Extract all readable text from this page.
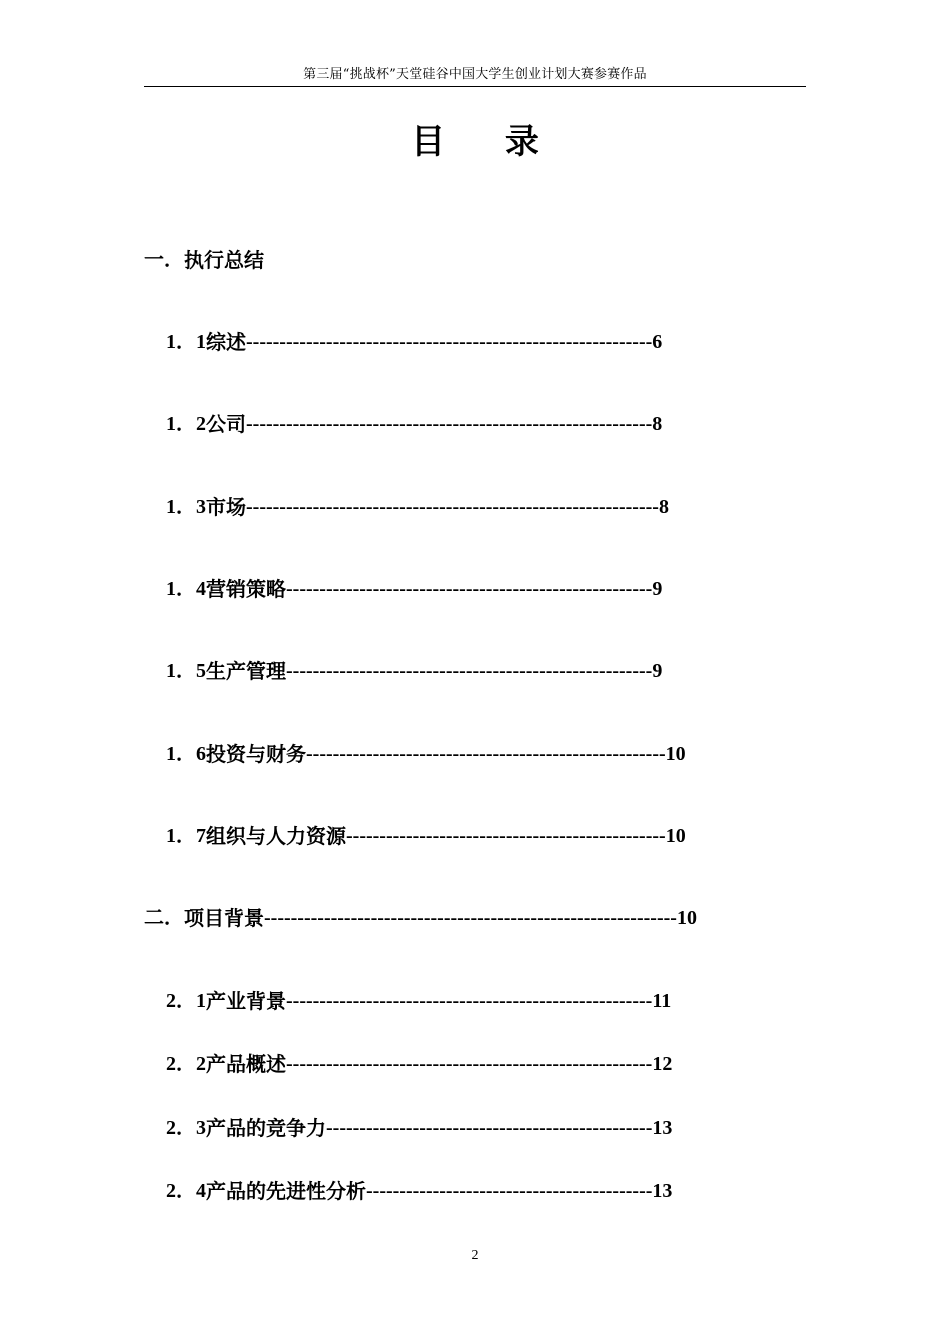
第三届“挑战杯”天堂硅谷中国大学生创业计划大赛参赛作品
目 录
一． 执行总结
1．1 综述 ------------------------------------------------------------- 6
1．2 公司 ------------------------------------------------------------- 8
1．3 市场 -------------------------------------------------------------- 8
1．4 营销策略 ------------------------------------------------------- 9
1．5 生产管理 ------------------------------------------------------- 9
1．6 投资与财务 ------------------------------------------------------ 10
1．7 组织与人力资源 ------------------------------------------------ 10
二． 项目背景 -------------------------------------------------------------- 10
2．1 产业背景 ------------------------------------------------------- 11
2．2 产品概述 ------------------------------------------------------- 12
2．3 产品的竞争力 ------------------------------------------------- 13
2．4 产品的先进性分析 ------------------------------------------- 13
2
